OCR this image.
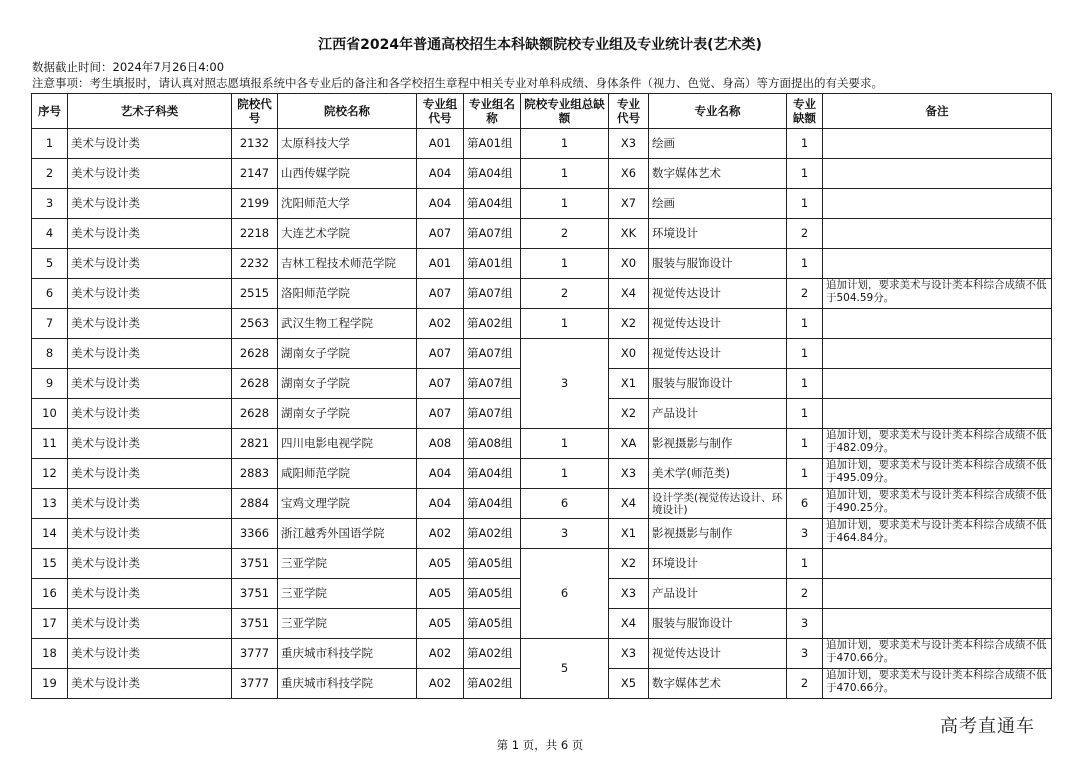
江西省2024年普通高校招生本科缺额院校专业组及专业统计表(艺术类)
数据截止时间：2024年7月26日4:00
注意事项：考生填报时，请认真对照志愿填报系统中各专业后的备注和各学校招生章程中相关专业对单科成绩、身体条件（视力、色觉、身高）等方面提出的有关要求。
序号	艺术子科类	院校代号	院校名称	专业组代号	专业组名称	院校专业组总缺额	专业代号	专业名称	专业缺额	备注
1	美术与设计类	2132	太原科技大学	A01	第A01组	1	X3	绘画	1	
2	美术与设计类	2147	山西传媒学院	A04	第A04组	1	X6	数字媒体艺术	1	
3	美术与设计类	2199	沈阳师范大学	A04	第A04组	1	X7	绘画	1	
4	美术与设计类	2218	大连艺术学院	A07	第A07组	2	XK	环境设计	2	
5	美术与设计类	2232	吉林工程技术师范学院	A01	第A01组	1	X0	服装与服饰设计	1	
6	美术与设计类	2515	洛阳师范学院	A07	第A07组	2	X4	视觉传达设计	2	追加计划，要求美术与设计类本科综合成绩不低于504.59分。
7	美术与设计类	2563	武汉生物工程学院	A02	第A02组	1	X2	视觉传达设计	1	
8	美术与设计类	2628	湖南女子学院	A07	第A07组	3	X0	视觉传达设计	1	
9	美术与设计类	2628	湖南女子学院	A07	第A07组		X1	服装与服饰设计	1	
10	美术与设计类	2628	湖南女子学院	A07	第A07组		X2	产品设计	1	
11	美术与设计类	2821	四川电影电视学院	A08	第A08组	1	XA	影视摄影与制作	1	追加计划，要求美术与设计类本科综合成绩不低于482.09分。
12	美术与设计类	2883	咸阳师范学院	A04	第A04组	1	X3	美术学(师范类)	1	追加计划，要求美术与设计类本科综合成绩不低于495.09分。
13	美术与设计类	2884	宝鸡文理学院	A04	第A04组	6	X4	设计学类(视觉传达设计、环境设计)	6	追加计划，要求美术与设计类本科综合成绩不低于490.25分。
14	美术与设计类	3366	浙江越秀外国语学院	A02	第A02组	3	X1	影视摄影与制作	3	追加计划，要求美术与设计类本科综合成绩不低于464.84分。
15	美术与设计类	3751	三亚学院	A05	第A05组	6	X2	环境设计	1	
16	美术与设计类	3751	三亚学院	A05	第A05组		X3	产品设计	2	
17	美术与设计类	3751	三亚学院	A05	第A05组		X4	服装与服饰设计	3	
18	美术与设计类	3777	重庆城市科技学院	A02	第A02组	5	X3	视觉传达设计	3	追加计划，要求美术与设计类本科综合成绩不低于470.66分。
19	美术与设计类	3777	重庆城市科技学院	A02	第A02组		X5	数字媒体艺术	2	追加计划，要求美术与设计类本科综合成绩不低于470.66分。
高考直通车
第 1 页，共 6 页
